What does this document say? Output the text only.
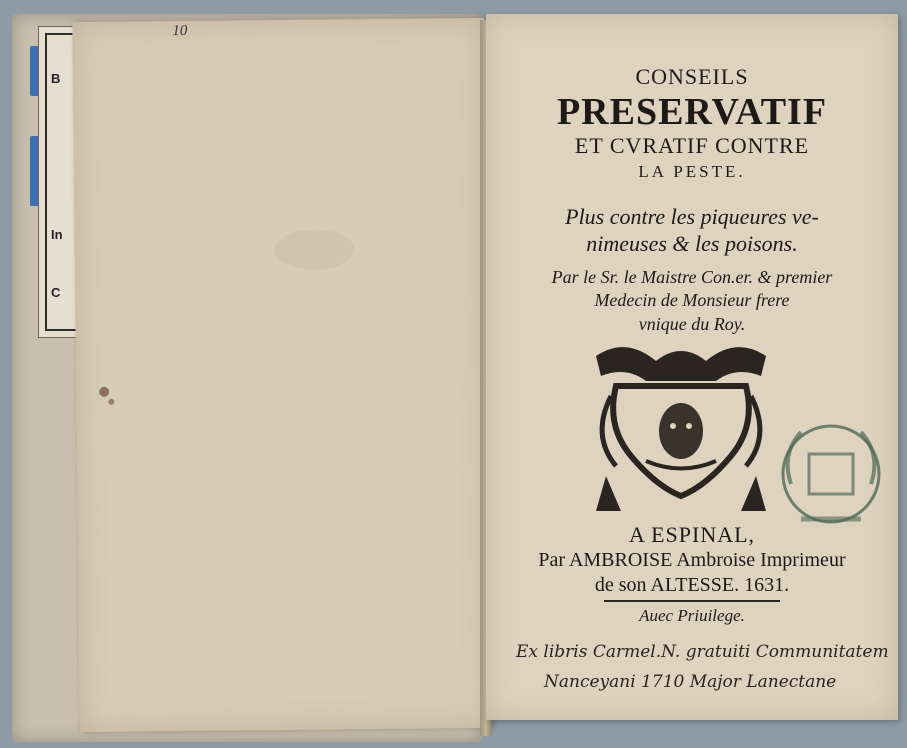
B
In
C
10
CONSEILS
PRESERVATIF
ET CVRATIF CONTRE
LA PESTE.
Plus contre les piqueures ve-
nimeuses & les poisons.
Par le Sr. le Maistre Con.er. & premier
Medecin de Monsieur frere
vnique du Roy.
A ESPINAL,
Par AMBROISE Ambroise Imprimeur
de son ALTESSE. 1631.
Auec Priuilege.
Ex libris Carmel.N. gratuiti Communitatem
Nanceyani 1710 Major Lanectane
